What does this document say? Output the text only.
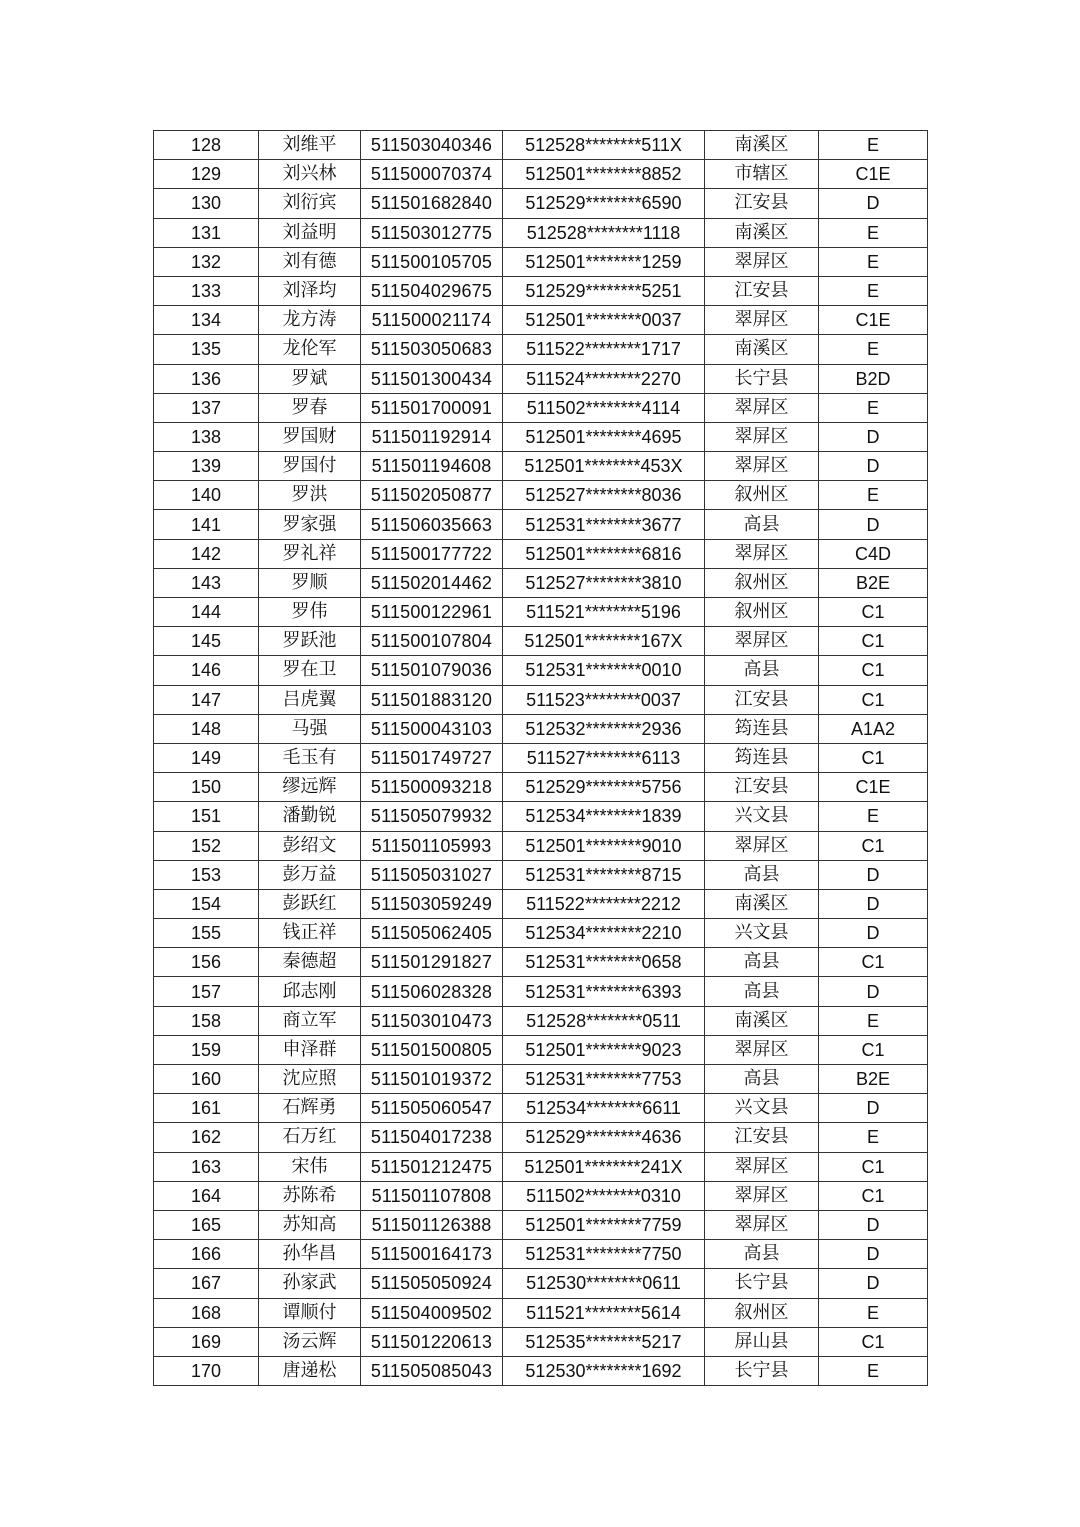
128	刘维平	511503040346	512528********511X	南溪区	E
129	刘兴林	511500070374	512501********8852	市辖区	C1E
130	刘衍宾	511501682840	512529********6590	江安县	D
131	刘益明	511503012775	512528********1118	南溪区	E
132	刘有德	511500105705	512501********1259	翠屏区	E
133	刘泽均	511504029675	512529********5251	江安县	E
134	龙方涛	511500021174	512501********0037	翠屏区	C1E
135	龙伦军	511503050683	511522********1717	南溪区	E
136	罗斌	511501300434	511524********2270	长宁县	B2D
137	罗春	511501700091	511502********4114	翠屏区	E
138	罗国财	511501192914	512501********4695	翠屏区	D
139	罗国付	511501194608	512501********453X	翠屏区	D
140	罗洪	511502050877	512527********8036	叙州区	E
141	罗家强	511506035663	512531********3677	高县	D
142	罗礼祥	511500177722	512501********6816	翠屏区	C4D
143	罗顺	511502014462	512527********3810	叙州区	B2E
144	罗伟	511500122961	511521********5196	叙州区	C1
145	罗跃池	511500107804	512501********167X	翠屏区	C1
146	罗在卫	511501079036	512531********0010	高县	C1
147	吕虎翼	511501883120	511523********0037	江安县	C1
148	马强	511500043103	512532********2936	筠连县	A1A2
149	毛玉有	511501749727	511527********6113	筠连县	C1
150	缪远辉	511500093218	512529********5756	江安县	C1E
151	潘勤锐	511505079932	512534********1839	兴文县	E
152	彭绍文	511501105993	512501********9010	翠屏区	C1
153	彭万益	511505031027	512531********8715	高县	D
154	彭跃红	511503059249	511522********2212	南溪区	D
155	钱正祥	511505062405	512534********2210	兴文县	D
156	秦德超	511501291827	512531********0658	高县	C1
157	邱志刚	511506028328	512531********6393	高县	D
158	商立军	511503010473	512528********0511	南溪区	E
159	申泽群	511501500805	512501********9023	翠屏区	C1
160	沈应照	511501019372	512531********7753	高县	B2E
161	石辉勇	511505060547	512534********6611	兴文县	D
162	石万红	511504017238	512529********4636	江安县	E
163	宋伟	511501212475	512501********241X	翠屏区	C1
164	苏陈希	511501107808	511502********0310	翠屏区	C1
165	苏知高	511501126388	512501********7759	翠屏区	D
166	孙华昌	511500164173	512531********7750	高县	D
167	孙家武	511505050924	512530********0611	长宁县	D
168	谭顺付	511504009502	511521********5614	叙州区	E
169	汤云辉	511501220613	512535********5217	屏山县	C1
170	唐递松	511505085043	512530********1692	长宁县	E
